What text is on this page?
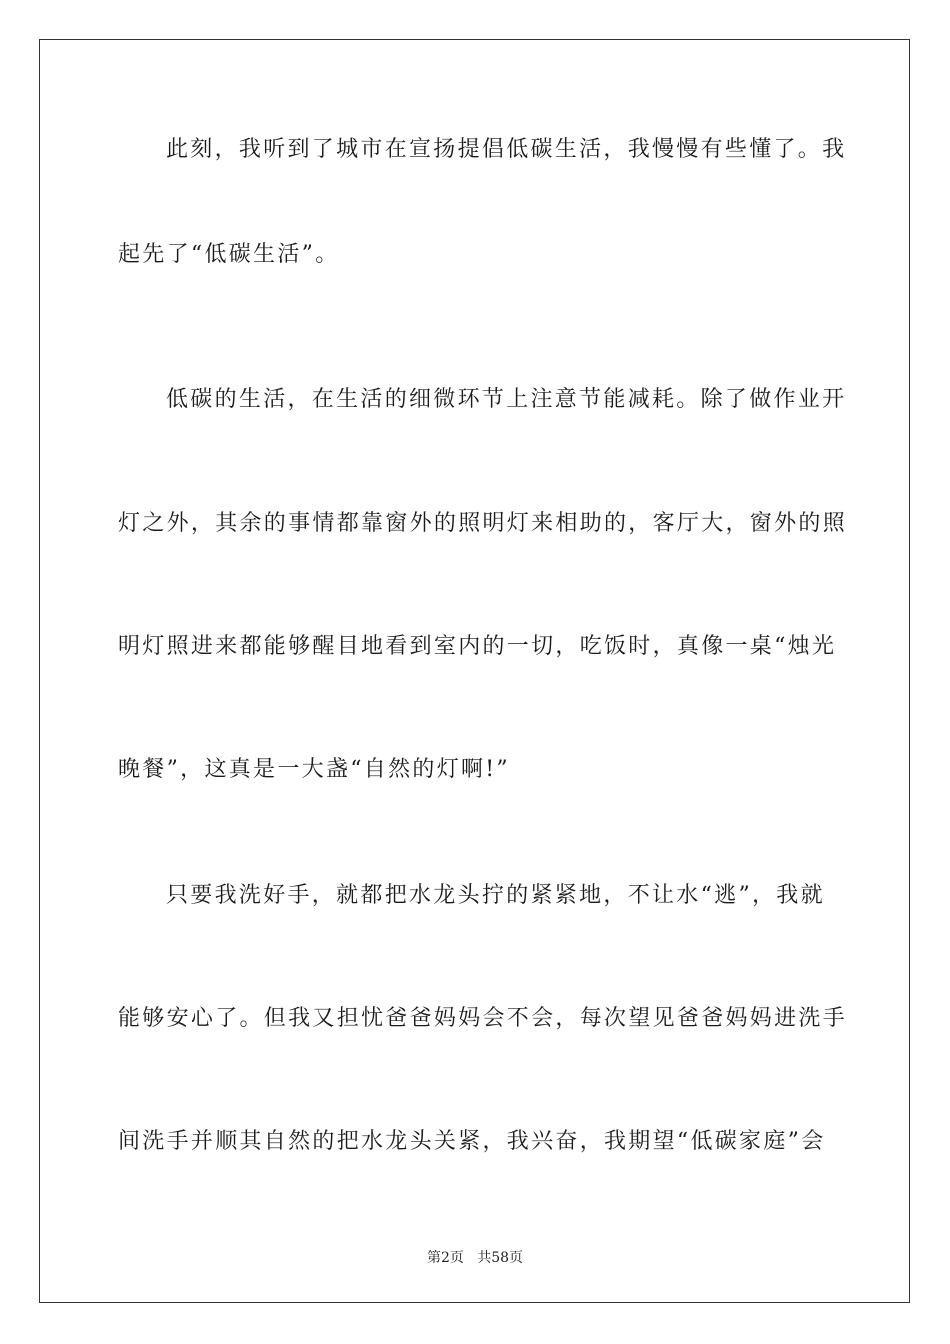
此刻，我听到了城市在宣扬提倡低碳生活，我慢慢有些懂了。我
起先了“低碳生活”。
低碳的生活，在生活的细微环节上注意节能减耗。除了做作业开
灯之外，其余的事情都靠窗外的照明灯来相助的，客厅大，窗外的照
明灯照进来都能够醒目地看到室内的一切，吃饭时，真像一桌“烛光
晚餐”，这真是一大盏“自然的灯啊!”
只要我洗好手，就都把水龙头拧的紧紧地，不让水“逃”，我就
能够安心了。但我又担忧爸爸妈妈会不会，每次望见爸爸妈妈进洗手
间洗手并顺其自然的把水龙头关紧，我兴奋，我期望“低碳家庭”会
第2页   共58页
